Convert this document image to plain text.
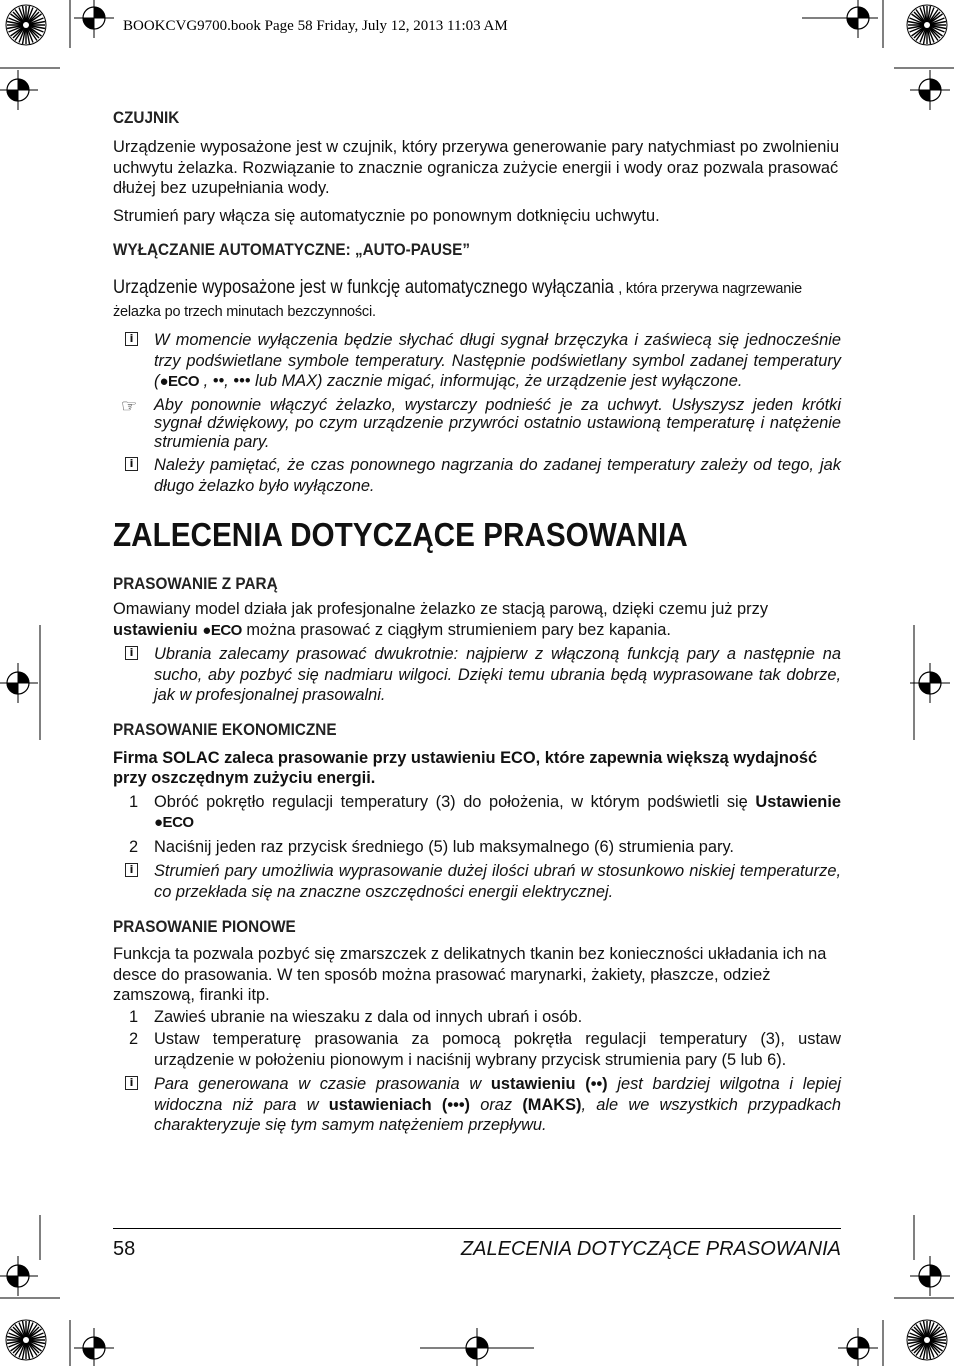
BOOKCVG9700.book Page 58 Friday, July 12, 2013 11:03 AM
CZUJNIK

Urządzenie wyposażone jest w czujnik, który przerywa generowanie pary natychmiast po zwolnieniu uchwytu żelazka. Rozwiązanie to znacznie ogranicza zużycie energii i wody oraz pozwala prasować dłużej bez uzupełniania wody.

Strumień pary włącza się automatycznie po ponownym dotknięciu uchwytu.

WYŁĄCZANIE AUTOMATYCZNE: „AUTO-PAUSE”

Urządzenie wyposażone jest w funkcję automatycznego wyłączania , która przerywa nagrzewanie żelazka po trzech minutach bezczynności.

i W momencie wyłączenia będzie słychać długi sygnał brzęczyka i zaświecą się jednocześnie trzy podświetlane symbole temperatury. Następnie podświetlany symbol zadanej temperatury (●ECO , ••, ••• lub MAX) zacznie migać, informując, że urządzenie jest wyłączone.
☞ Aby ponownie włączyć żelazko, wystarczy podnieść je za uchwyt. Usłyszysz jeden krótki sygnał dźwiękowy, po czym urządzenie przywróci ostatnio ustawioną temperaturę i natężenie strumienia pary.
i Należy pamiętać, że czas ponownego nagrzania do zadanej temperatury zależy od tego, jak długo żelazko było wyłączone.
ZALECENIA DOTYCZĄCE PRASOWANIA
PRASOWANIE Z PARĄ

Omawiany model działa jak profesjonalne żelazko ze stacją parową, dzięki czemu już przy ustawieniu ●ECO można prasować z ciągłym strumieniem pary bez kapania.

i Ubrania zalecamy prasować dwukrotnie: najpierw z włączoną funkcją pary a następnie na sucho, aby pozbyć się nadmiaru wilgoci. Dzięki temu ubrania będą wyprasowane tak dobrze, jak w profesjonalnej prasowalni.
PRASOWANIE EKONOMICZNE

Firma SOLAC zaleca prasowanie przy ustawieniu ECO, które zapewnia większą wydajność przy oszczędnym zużyciu energii.

1 Obróć pokrętło regulacji temperatury (3) do położenia, w którym podświetli się Ustawienie ●ECO
2 Naciśnij jeden raz przycisk średniego (5) lub maksymalnego (6) strumienia pary.
i Strumień pary umożliwia wyprasowanie dużej ilości ubrań w stosunkowo niskiej temperaturze, co przekłada się na znaczne oszczędności energii elektrycznej.
PRASOWANIE PIONOWE

Funkcja ta pozwala pozbyć się zmarszczek z delikatnych tkanin bez konieczności układania ich na desce do prasowania. W ten sposób można prasować marynarki, żakiety, płaszcze, odzież zamszową, firanki itp.

1 Zawieś ubranie na wieszaku z dala od innych ubrań i osób.
2 Ustaw temperaturę prasowania za pomocą pokrętła regulacji temperatury (3), ustaw urządzenie w położeniu pionowym i naciśnij wybrany przycisk strumienia pary (5 lub 6).
i Para generowana w czasie prasowania w ustawieniu (••) jest bardziej wilgotna i lepiej widoczna niż para w ustawieniach (•••) oraz (MAKS), ale we wszystkich przypadkach charakteryzuje się tym samym natężeniem przepływu.
58	ZALECENIA DOTYCZĄCE PRASOWANIA
